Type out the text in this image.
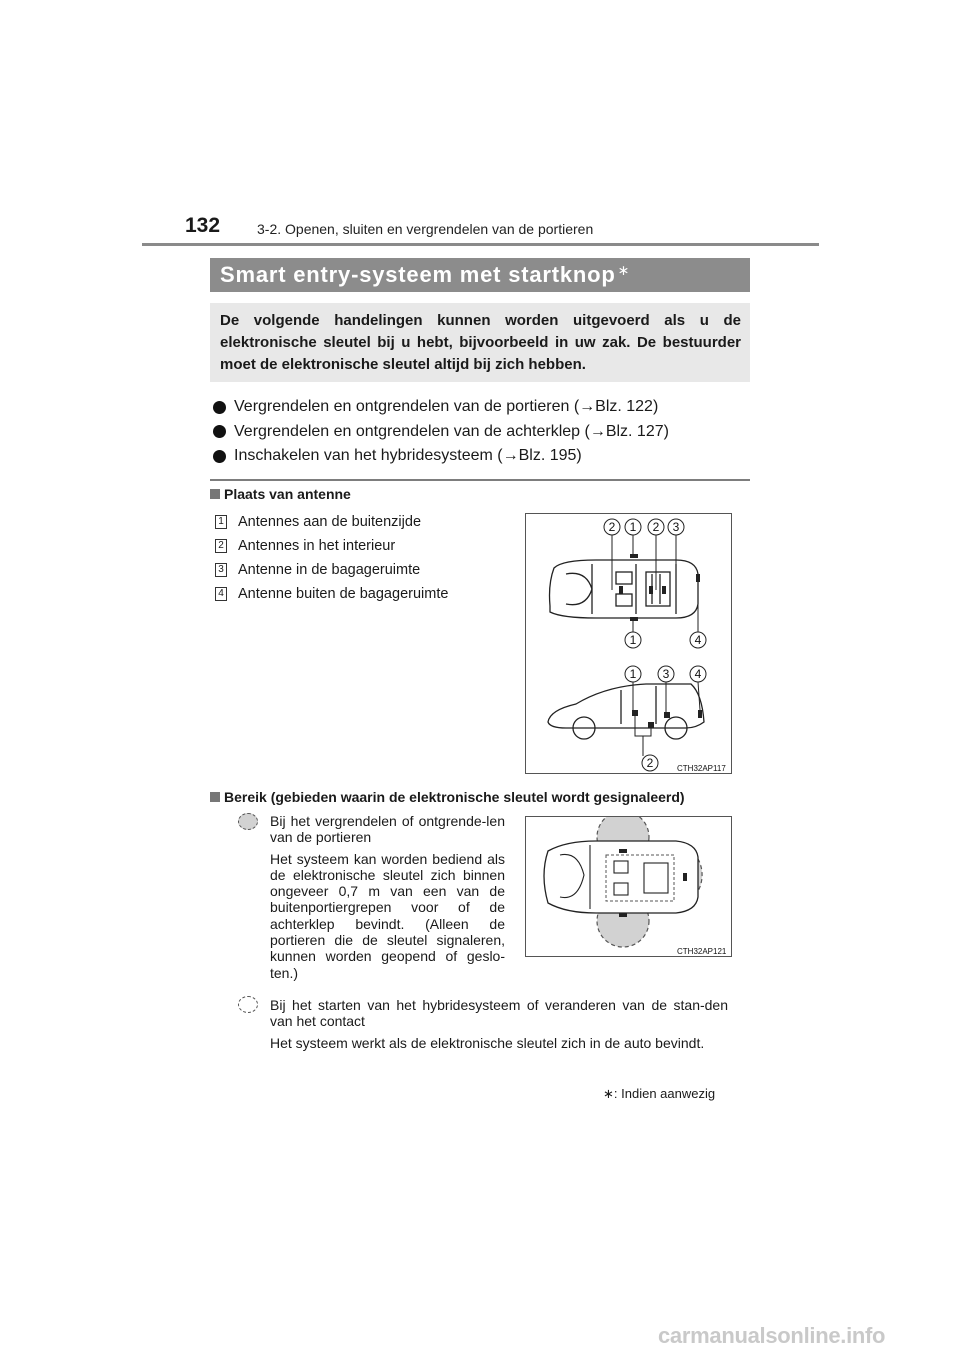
132	3-2. Openen, sluiten en vergrendelen van de portieren
Smart entry-systeem met startknop ∗
De volgende handelingen kunnen worden uitgevoerd als u de elektronische sleutel bij u hebt, bijvoorbeeld in uw zak. De bestuurder moet de elektronische sleutel altijd bij zich hebben.
Vergrendelen en ontgrendelen van de portieren ( → Blz. 122)
Vergrendelen en ontgrendelen van de achterklep ( → Blz. 127)
Inschakelen van het hybridesysteem ( → Blz. 195)
Plaats van antenne
1 Antennes aan de buitenzijde
2 Antennes in het interieur
3 Antenne in de bagageruimte
4 Antenne buiten de bagageruimte
2 1 2 3
1	4
1 3 4
2	CTH32AP117
Bereik (gebieden waarin de elektronische sleutel wordt gesignaleerd)

Bij het vergrendelen of ontgrende-len van de portieren

Het systeem kan worden bediend als de elektronische sleutel zich binnen ongeveer 0,7 m van een van de buitenportiergrepen voor of de achterklep bevindt. (Alleen de portieren die de sleutel signaleren, kunnen worden geopend of geslo-ten.)

CTH32AP121

Bij het starten van het hybridesysteem of veranderen van de stan-den van het contact

Het systeem werkt als de elektronische sleutel zich in de auto bevindt.

∗: Indien aanwezig
carmanualsonline.info
